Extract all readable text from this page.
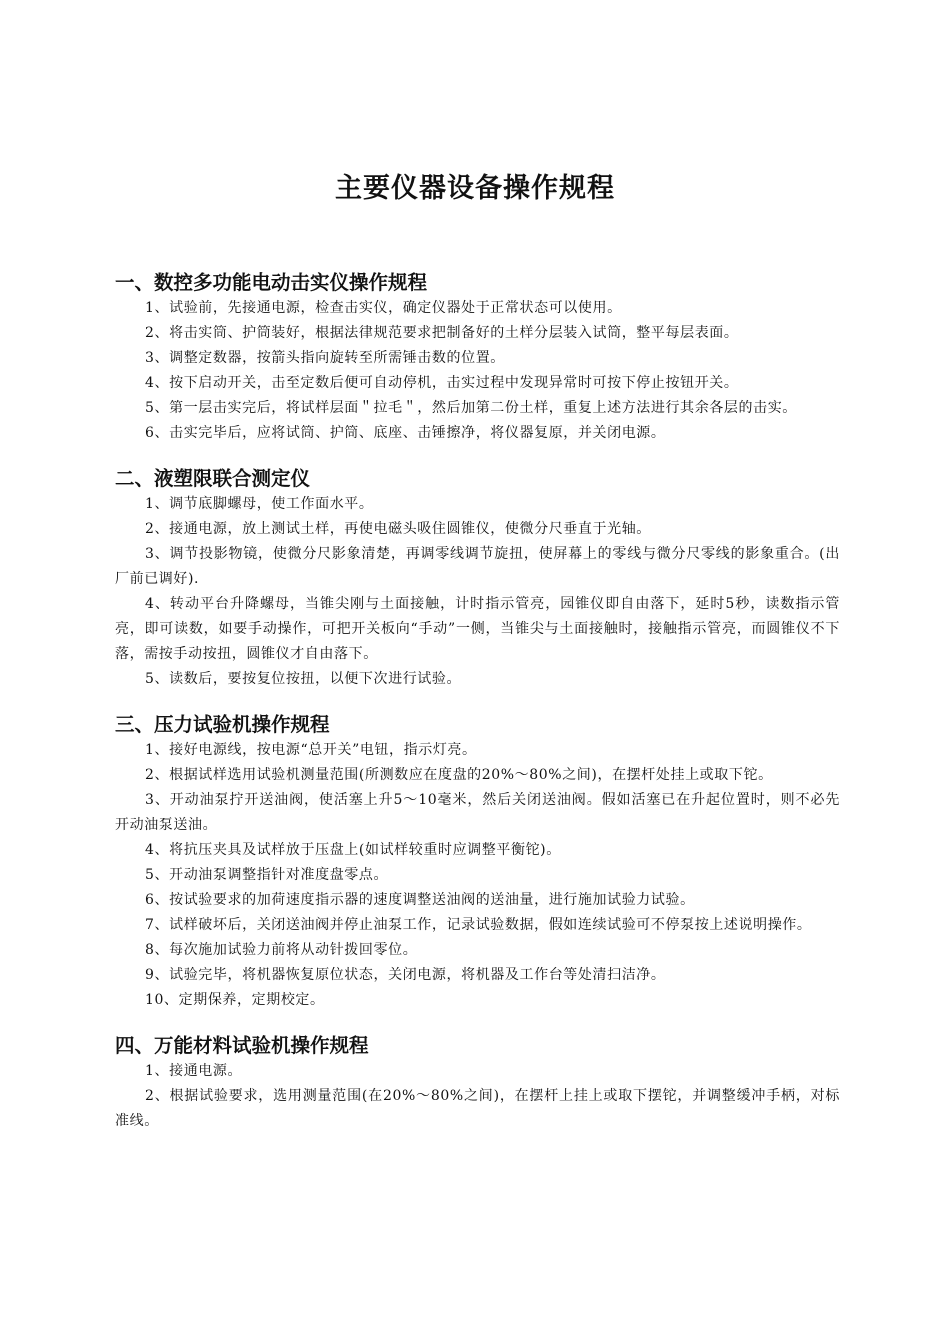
主要仪器设备操作规程
一、数控多功能电动击实仪操作规程

1、试验前，先接通电源，检查击实仪，确定仪器处于正常状态可以使用。

2、将击实筒、护筒装好，根据法律规范要求把制备好的土样分层装入试筒，整平每层表面。

3、调整定数器，按箭头指向旋转至所需锤击数的位置。

4、按下启动开关，击至定数后便可自动停机，击实过程中发现异常时可按下停止按钮开关。

5、第一层击实完后，将试样层面＂拉毛＂，然后加第二份土样，重复上述方法进行其余各层的击实。

6、击实完毕后，应将试筒、护筒、底座、击锤擦净，将仪器复原，并关闭电源。

二、液塑限联合测定仪

1、调节底脚螺母，使工作面水平。

2、接通电源，放上测试土样，再使电磁头吸住圆锥仪，使微分尺垂直于光轴。

3、调节投影物镜，使微分尺影象清楚，再调零线调节旋扭，使屏幕上的零线与微分尺零线的影象重合。(出厂前已调好).

4、转动平台升降螺母，当锥尖刚与土面接触，计时指示管亮，园锥仪即自由落下，延时5秒，读数指示管亮，即可读数，如要手动操作，可把开关板向“手动”一侧，当锥尖与土面接触时，接触指示管亮，而圆锥仪不下落，需按手动按扭，圆锥仪才自由落下。

5、读数后，要按复位按扭，以便下次进行试验。

三、压力试验机操作规程

1、接好电源线，按电源“总开关”电钮，指示灯亮。

2、根据试样选用试验机测量范围(所测数应在度盘的20%～80%之间)，在摆杆处挂上或取下铊。

3、开动油泵拧开送油阀，使活塞上升5～10毫米，然后关闭送油阀。假如活塞已在升起位置时，则不必先开动油泵送油。

4、将抗压夹具及试样放于压盘上(如试样较重时应调整平衡铊)。

5、开动油泵调整指针对准度盘零点。

6、按试验要求的加荷速度指示器的速度调整送油阀的送油量，进行施加试验力试验。

7、试样破坏后，关闭送油阀并停止油泵工作，记录试验数据，假如连续试验可不停泵按上述说明操作。

8、每次施加试验力前将从动针拨回零位。

9、试验完毕，将机器恢复原位状态，关闭电源，将机器及工作台等处清扫洁净。

10、定期保养，定期校定。

四、万能材料试验机操作规程

1、接通电源。

2、根据试验要求，选用测量范围(在20%～80%之间)，在摆杆上挂上或取下摆铊，并调整缓冲手柄，对标准线。
